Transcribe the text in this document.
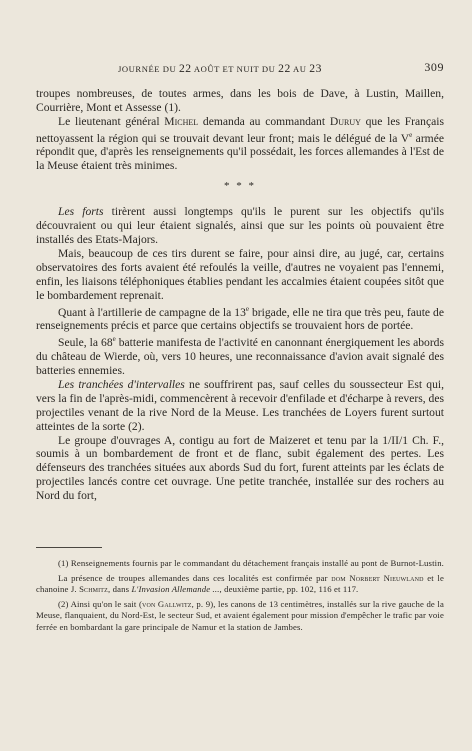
JOURNÉE DU 22 AOÛT ET NUIT DU 22 AU 23	309

troupes nombreuses, de toutes armes, dans les bois de Dave, à Lustin, Maillen, Courrière, Mont et Assesse (1).

Le lieutenant général Michel demanda au commandant Duruy que les Français nettoyassent la région qui se trouvait devant leur front; mais le délégué de la Ve armée répondit que, d'après les renseignements qu'il possédait, les forces allemandes à l'Est de la Meuse étaient très minimes.

* * *

Les forts tirèrent aussi longtemps qu'ils le purent sur les objectifs qu'ils découvraient ou qui leur étaient signalés, ainsi que sur les points où pouvaient être installés des Etats-Majors.

Mais, beaucoup de ces tirs durent se faire, pour ainsi dire, au jugé, car, certains observatoires des forts avaient été refoulés la veille, d'autres ne voyaient pas l'ennemi, enfin, les liaisons téléphoniques établies pendant les accalmies étaient coupées sitôt que le bombardement reprenait.

Quant à l'artillerie de campagne de la 13e brigade, elle ne tira que très peu, faute de renseignements précis et parce que certains objectifs se trouvaient hors de portée.

Seule, la 68e batterie manifesta de l'activité en canonnant énergiquement les abords du château de Wierde, où, vers 10 heures, une reconnaissance d'avion avait signalé des batteries ennemies.

Les tranchées d'intervalles ne souffrirent pas, sauf celles du soussecteur Est qui, vers la fin de l'après-midi, commencèrent à recevoir d'enfilade et d'écharpe à revers, des projectiles venant de la rive Nord de la Meuse. Les tranchées de Loyers furent surtout atteintes de la sorte (2).

Le groupe d'ouvrages A, contigu au fort de Maizeret et tenu par la 1/II/1 Ch. F., soumis à un bombardement de front et de flanc, subit également des pertes. Les défenseurs des tranchées situées aux abords Sud du fort, furent atteints par les éclats de projectiles lancés contre cet ouvrage. Une petite tranchée, installée sur des rochers au Nord du fort,

(1) Renseignements fournis par le commandant du détachement français installé au pont de Burnot-Lustin.

La présence de troupes allemandes dans ces localités est confirmée par dom Norbert Nieuwland et le chanoine J. Schmitz, dans L'Invasion Allemande ..., deuxième partie, pp. 102, 116 et 117.

(2) Ainsi qu'on le sait (von Gallwitz, p. 9), les canons de 13 centimètres, installés sur la rive gauche de la Meuse, flanquaient, du Nord-Est, le secteur Sud, et avaient également pour mission d'empêcher le trafic par voie ferrée en bombardant la gare principale de Namur et la station de Jambes.
